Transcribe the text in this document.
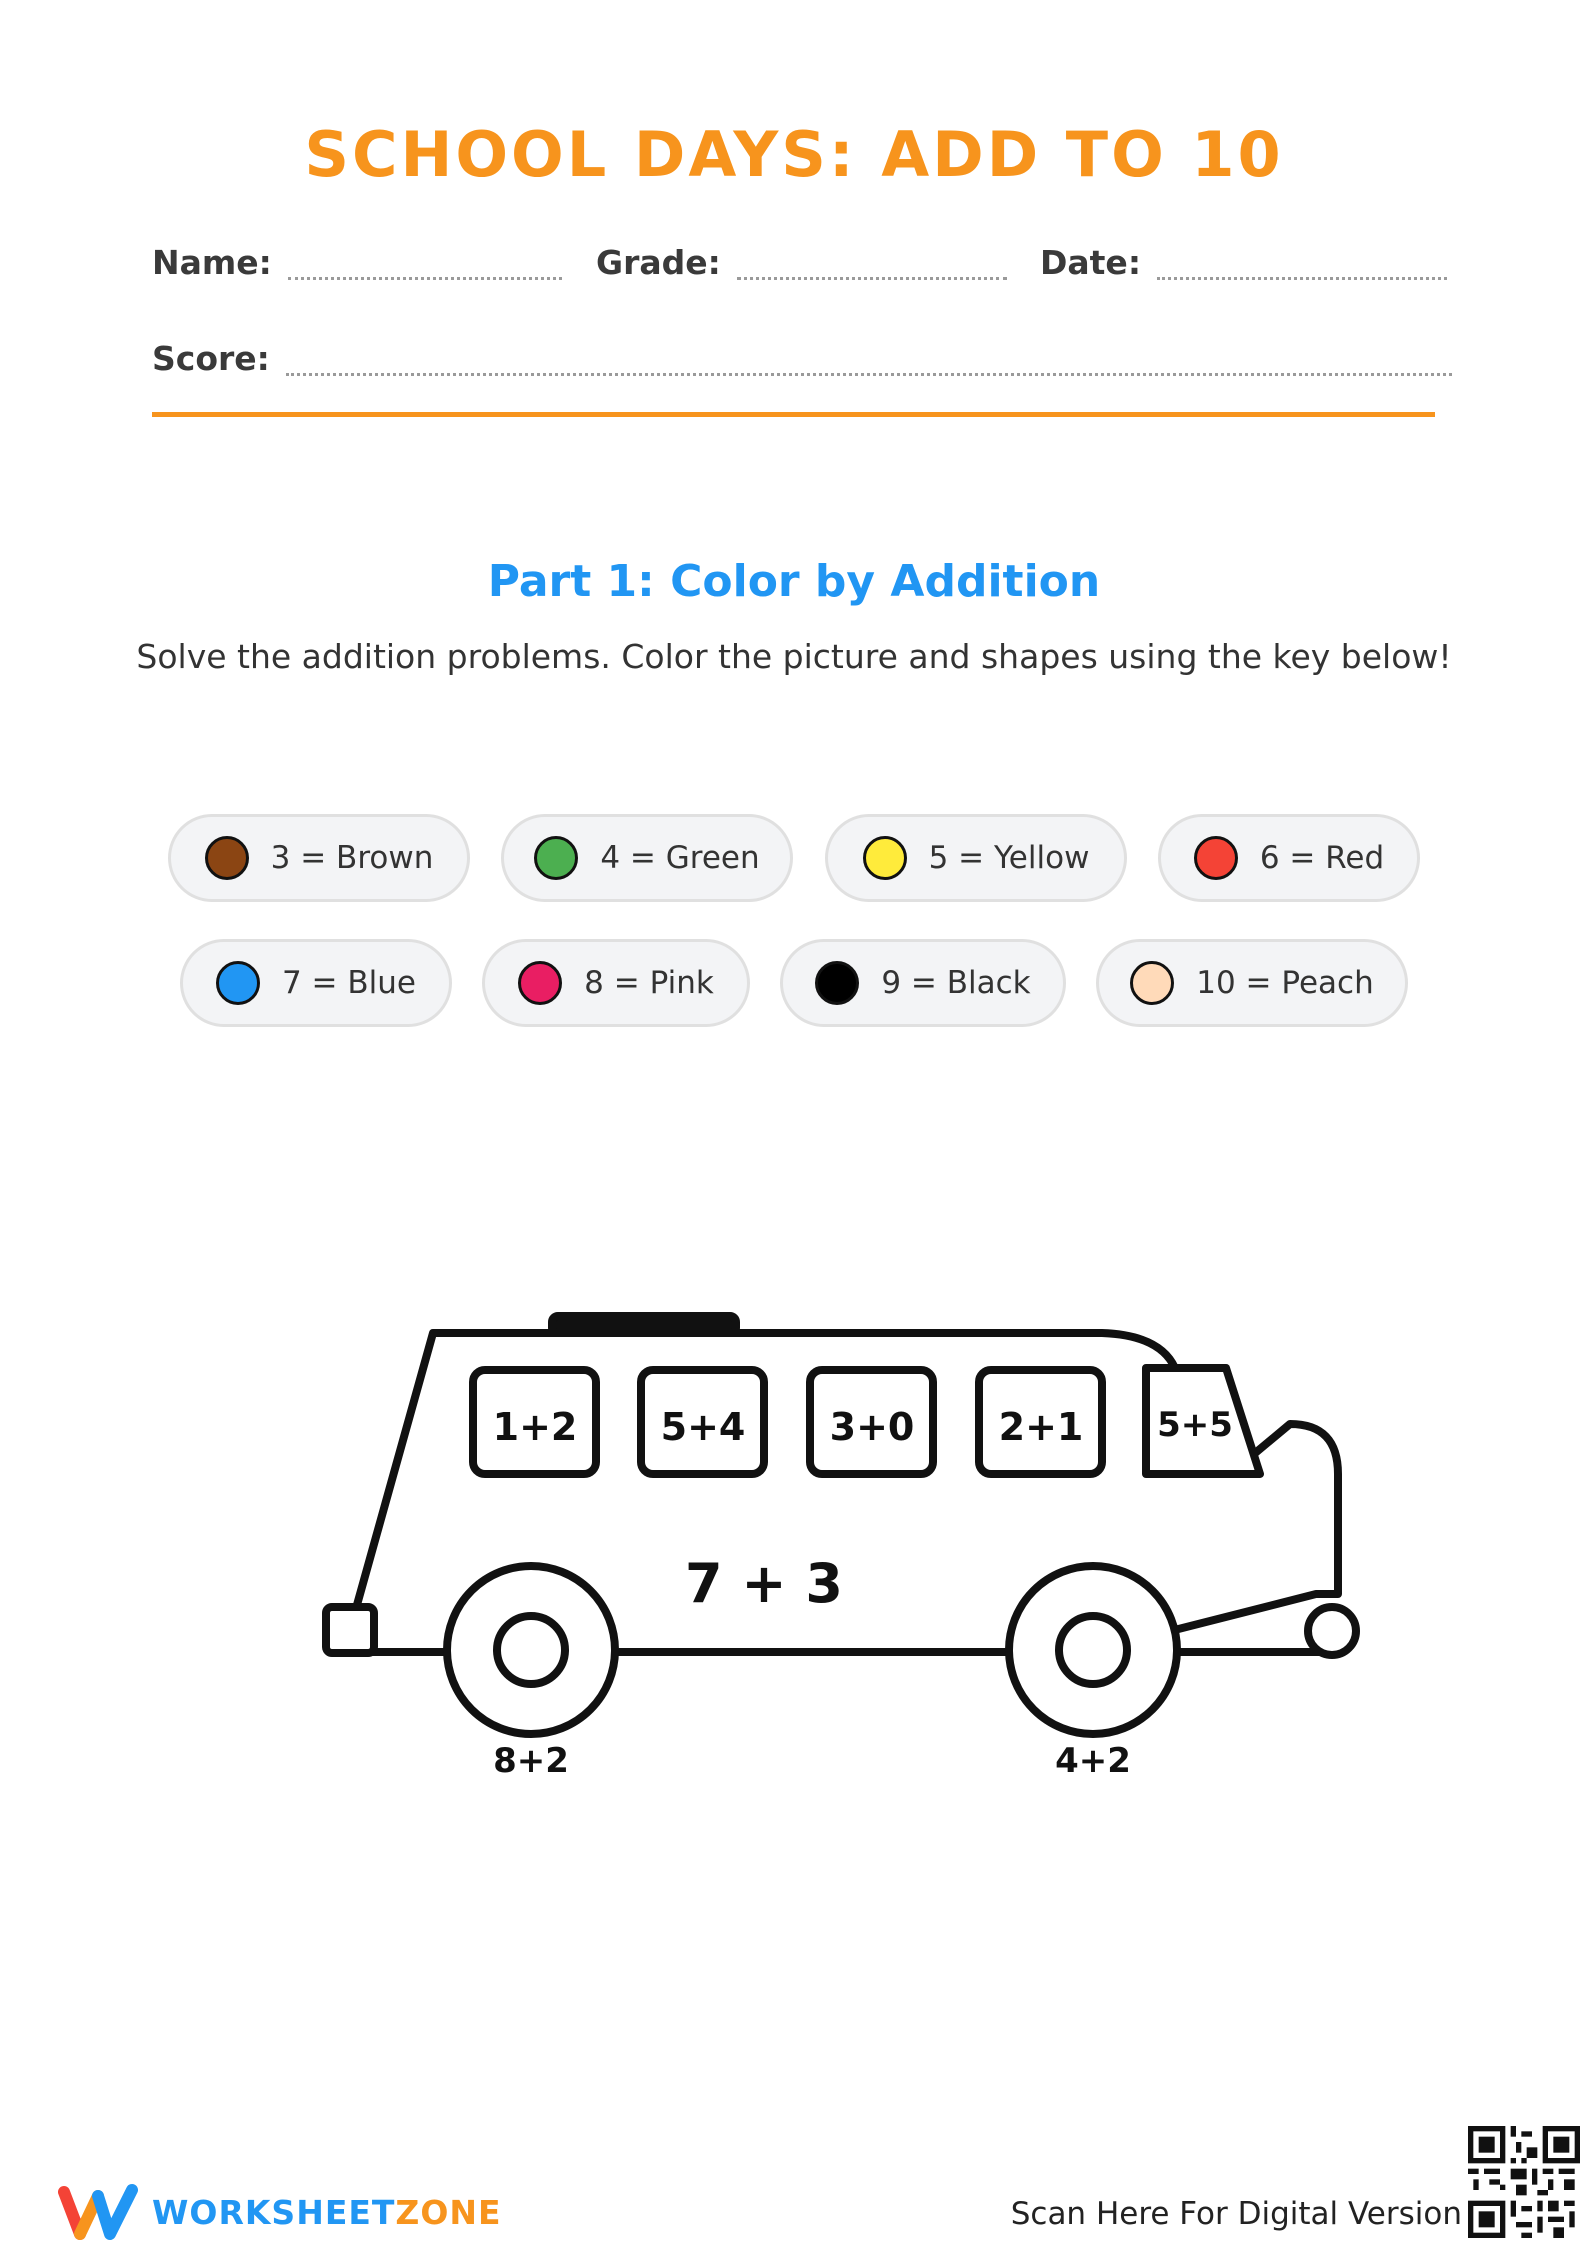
SCHOOL DAYS: ADD TO 10
Name:	Grade:	Date:
Score:
Part 1: Color by Addition
Solve the addition problems. Color the picture and shapes using the key below!
3 = Brown	4 = Green	5 = Yellow	6 = Red
7 = Blue	8 = Pink	9 = Black	10 = Peach
1+2 5+4 3+0 2+1 5+5
7 + 3
8+2	4+2
WORKSHEETZONE	Scan Here For Digital Version
